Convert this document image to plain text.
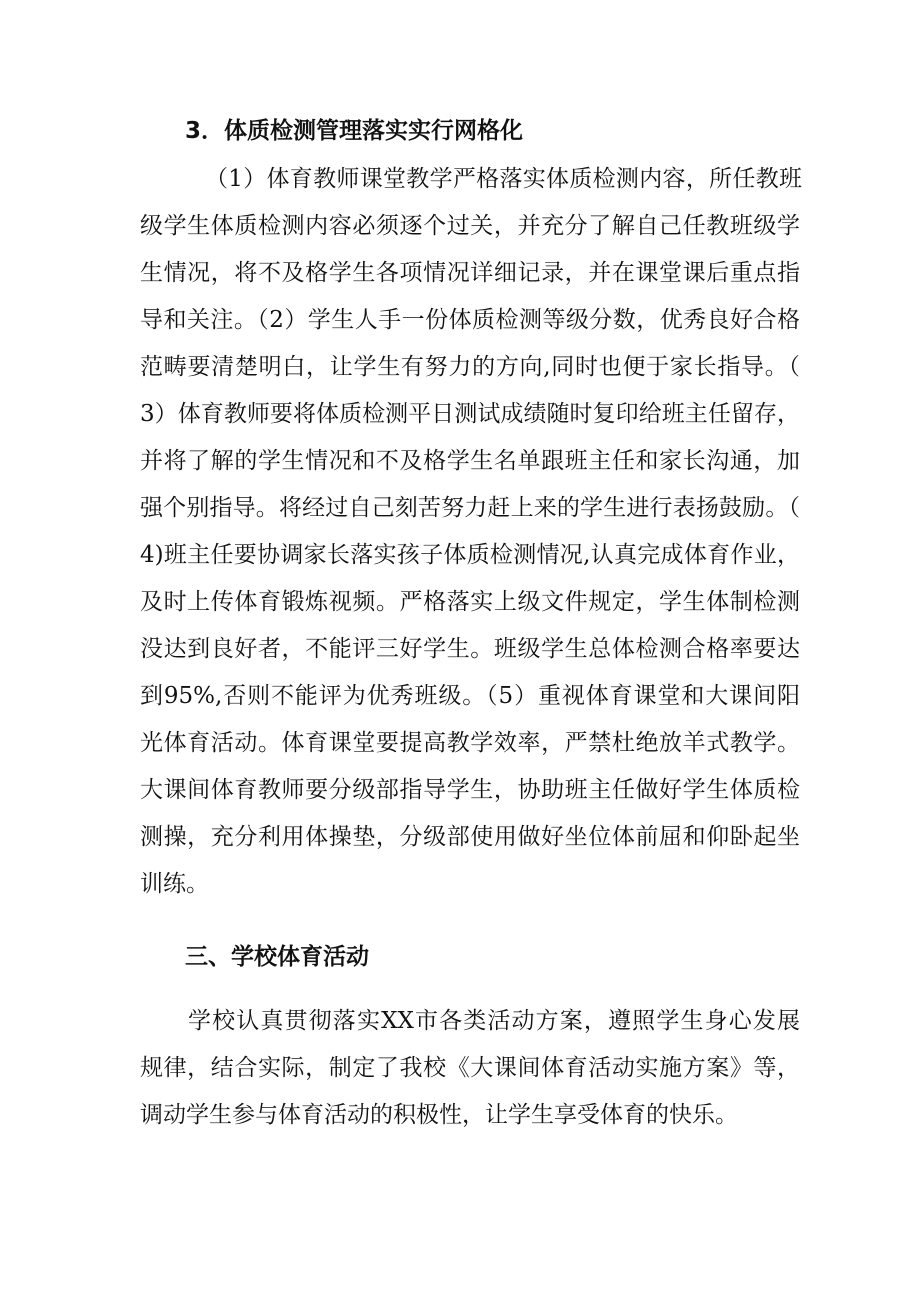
3．体质检测管理落实实行网格化
（1）体育教师课堂教学严格落实体质检测内容，所任教班
级学生体质检测内容必须逐个过关，并充分了解自己任教班级学
生情况，将不及格学生各项情况详细记录，并在课堂课后重点指
导和关注。（2）学生人手一份体质检测等级分数，优秀良好合格
范畴要清楚明白，让学生有努力的方向,同时也便于家长指导。（
3）体育教师要将体质检测平日测试成绩随时复印给班主任留存，
并将了解的学生情况和不及格学生名单跟班主任和家长沟通，加
强个别指导。将经过自己刻苦努力赶上来的学生进行表扬鼓励。（
4)班主任要协调家长落实孩子体质检测情况,认真完成体育作业，
及时上传体育锻炼视频。严格落实上级文件规定，学生体制检测
没达到良好者，不能评三好学生。班级学生总体检测合格率要达
到95%,否则不能评为优秀班级。（5）重视体育课堂和大课间阳
光体育活动。体育课堂要提高教学效率，严禁杜绝放羊式教学。
大课间体育教师要分级部指导学生，协助班主任做好学生体质检
测操，充分利用体操垫，分级部使用做好坐位体前屈和仰卧起坐
训练。
三、学校体育活动
学校认真贯彻落实XX市各类活动方案，遵照学生身心发展
规律，结合实际，制定了我校《大课间体育活动实施方案》等，
调动学生参与体育活动的积极性，让学生享受体育的快乐。
